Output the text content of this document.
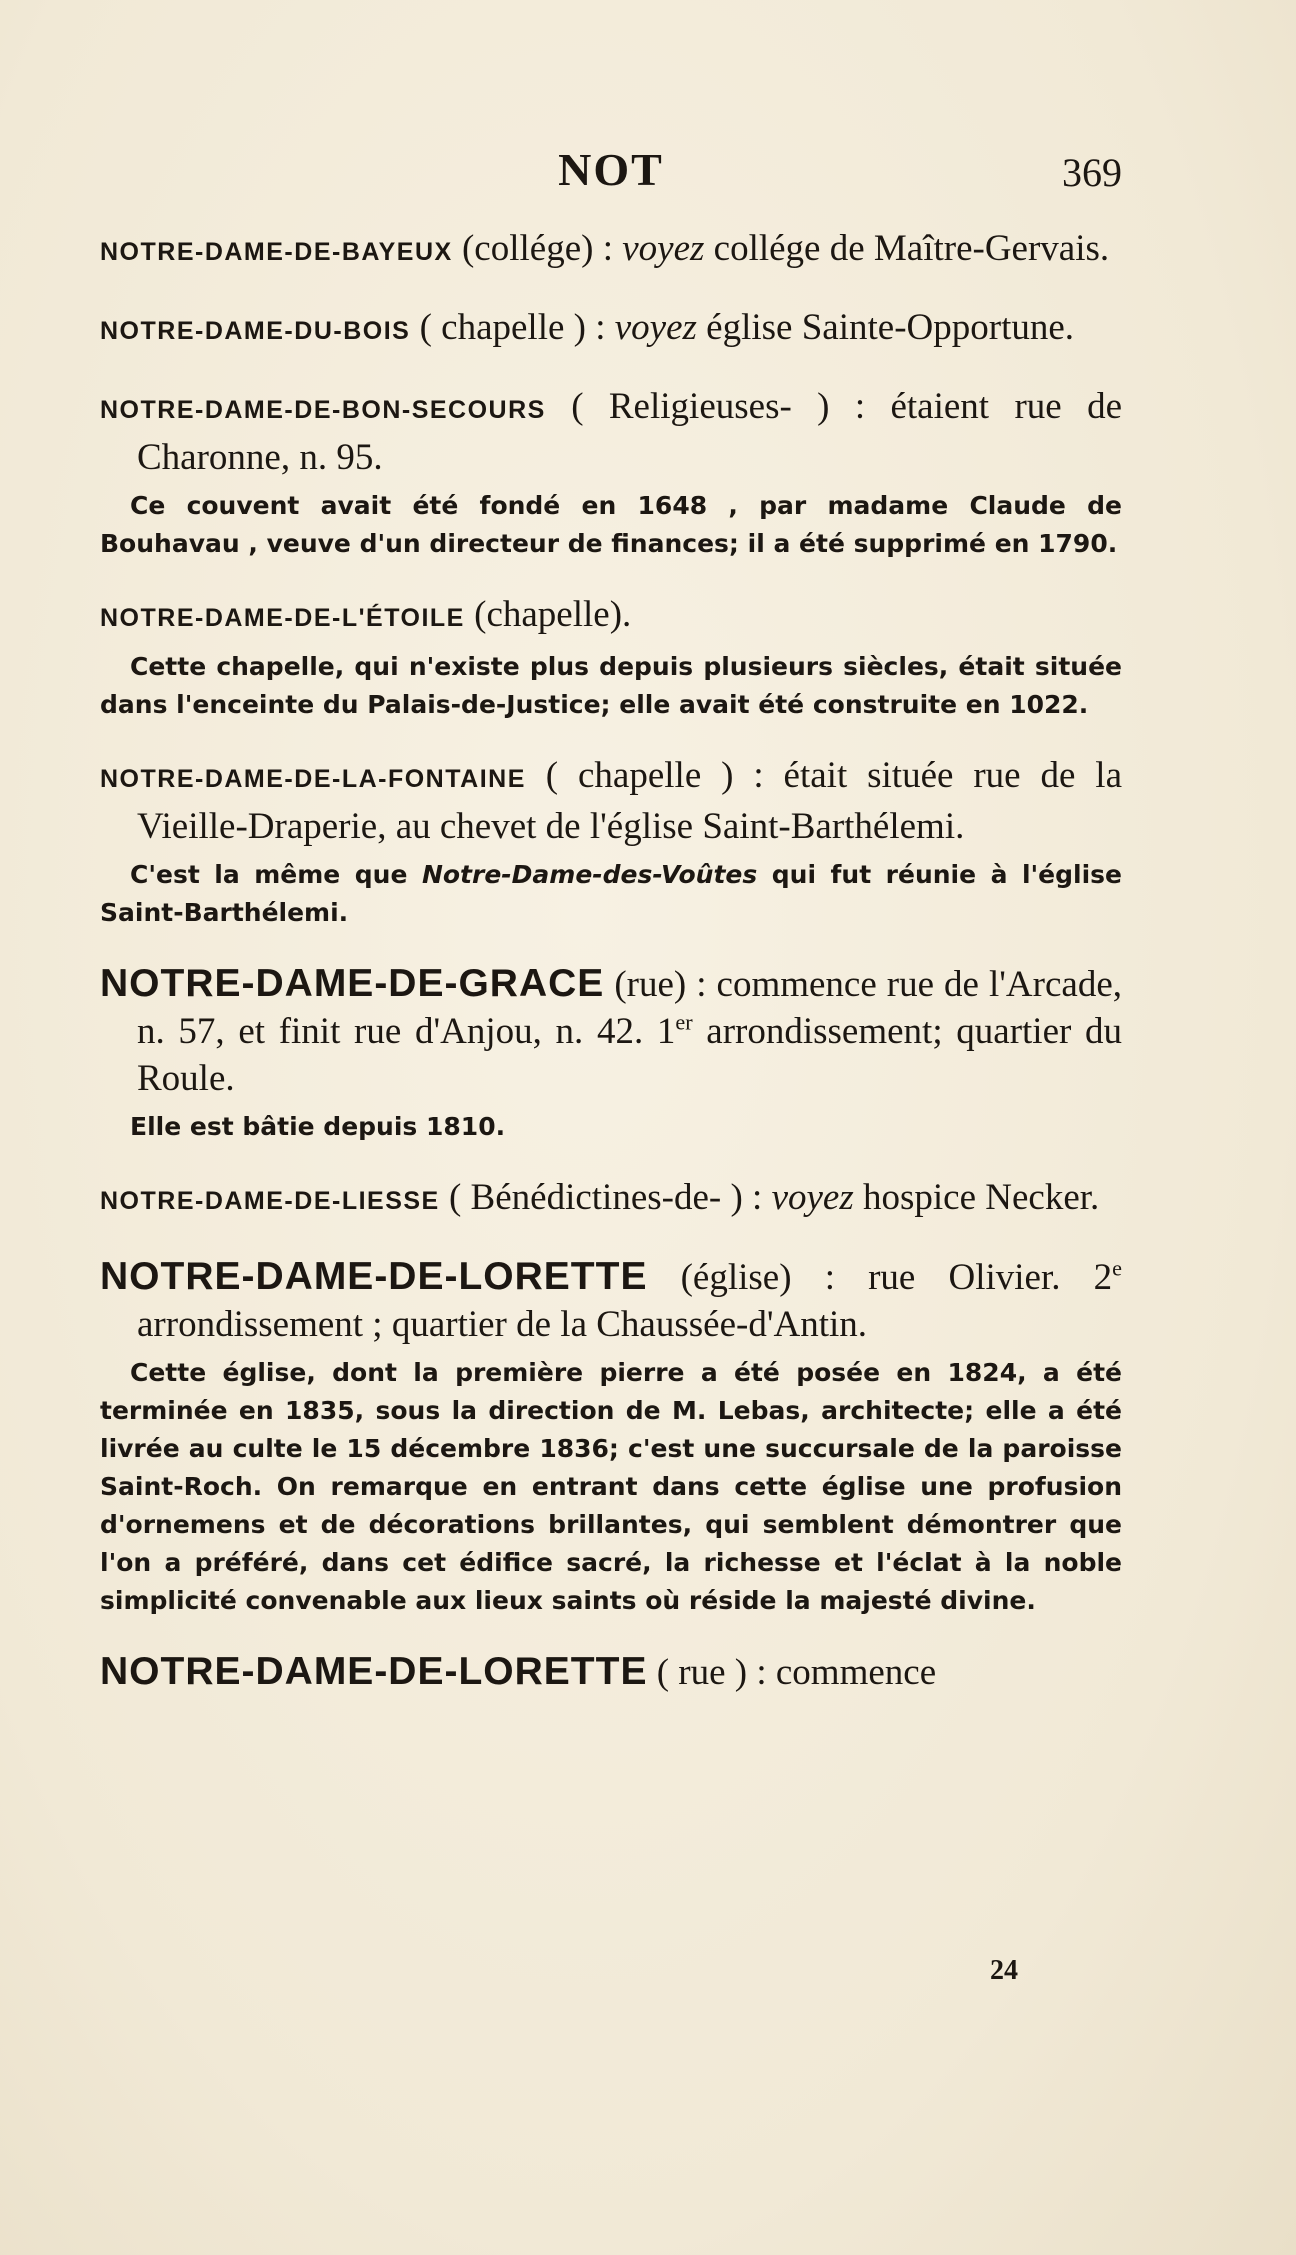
NOT	369

NOTRE-DAME-DE-BAYEUX (collége) : voyez collége de Maître-Gervais.

NOTRE-DAME-DU-BOIS ( chapelle ) : voyez église Sainte-Opportune.

NOTRE-DAME-DE-BON-SECOURS ( Religieuses- ) : étaient rue de Charonne, n. 95.

Ce couvent avait été fondé en 1648 , par madame Claude de Bouhavau , veuve d'un directeur de finances; il a été supprimé en 1790.

NOTRE-DAME-DE-L'ÉTOILE (chapelle).

Cette chapelle, qui n'existe plus depuis plusieurs siècles, était située dans l'enceinte du Palais-de-Justice; elle avait été construite en 1022.

NOTRE-DAME-DE-LA-FONTAINE ( chapelle ) : était située rue de la Vieille-Draperie, au chevet de l'église Saint-Barthélemi.

C'est la même que Notre-Dame-des-Voûtes qui fut réunie à l'église Saint-Barthélemi.

NOTRE-DAME-DE-GRACE (rue) : commence rue de l'Arcade, n. 57, et finit rue d'Anjou, n. 42. 1er arrondissement; quartier du Roule.

Elle est bâtie depuis 1810.

NOTRE-DAME-DE-LIESSE ( Bénédictines-de- ) : voyez hospice Necker.

NOTRE-DAME-DE-LORETTE (église) : rue Olivier. 2e arrondissement ; quartier de la Chaussée-d'Antin.

Cette église, dont la première pierre a été posée en 1824, a été terminée en 1835, sous la direction de M. Lebas, architecte; elle a été livrée au culte le 15 décembre 1836; c'est une succursale de la paroisse Saint-Roch. On remarque en entrant dans cette église une profusion d'ornemens et de décorations brillantes, qui semblent démontrer que l'on a préféré, dans cet édifice sacré, la richesse et l'éclat à la noble simplicité convenable aux lieux saints où réside la majesté divine.

NOTRE-DAME-DE-LORETTE ( rue ) : commence

24
